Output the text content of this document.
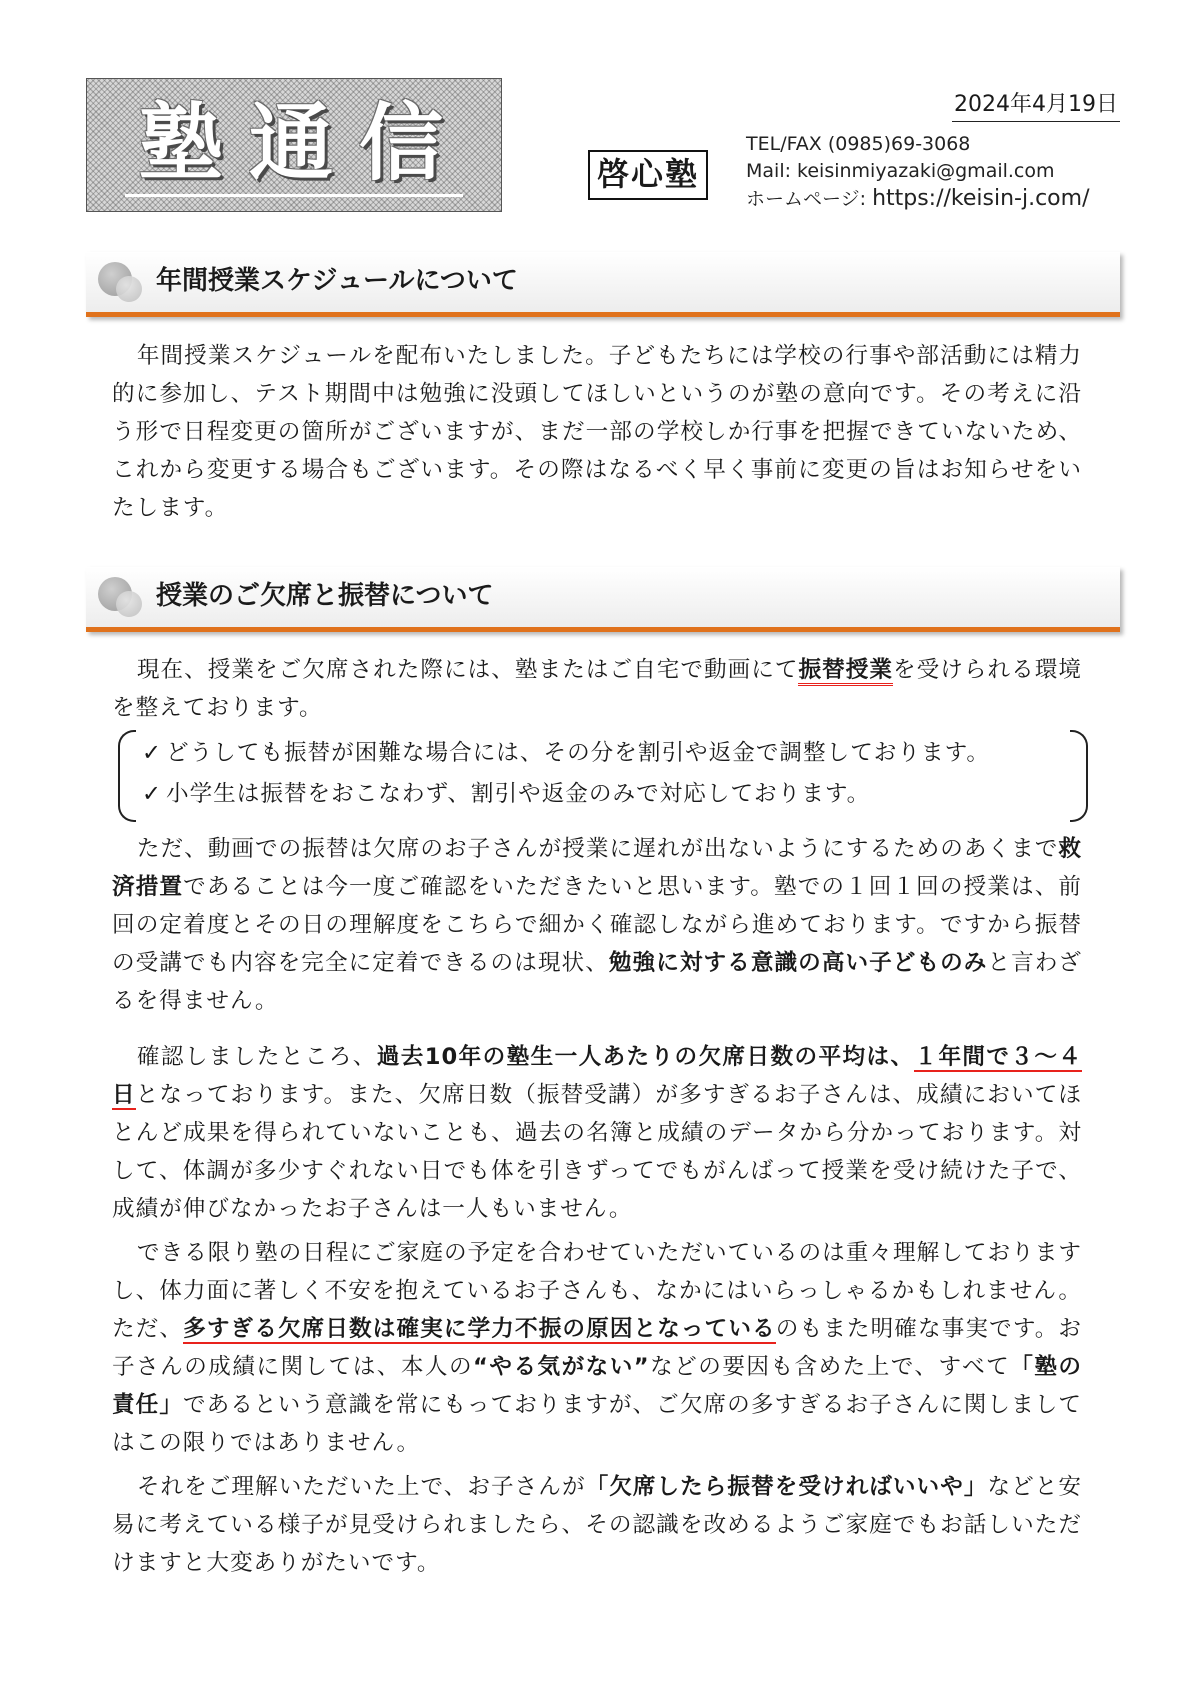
塾通信	啓心塾
2024年4月19日
TEL/FAX (0985)69-3068
Mail: keisinmiyazaki@gmail.com
ホームページ: https://keisin-j.com/
年間授業スケジュールについて
年間授業スケジュールを配布いたしました。子どもたちには学校の行事や部活動には精力的に参加し、テスト期間中は勉強に没頭してほしいというのが塾の意向です。その考えに沿う形で日程変更の箇所がございますが、まだ一部の学校しか行事を把握できていないため、これから変更する場合もございます。その際はなるべく早く事前に変更の旨はお知らせをいたします。
授業のご欠席と振替について
現在、授業をご欠席された際には、塾またはご自宅で動画にて振替授業を受けられる環境を整えております。
✓ どうしても振替が困難な場合には、その分を割引や返金で調整しております。
✓ 小学生は振替をおこなわず、割引や返金のみで対応しております。
ただ、動画での振替は欠席のお子さんが授業に遅れが出ないようにするためのあくまで救済措置であることは今一度ご確認をいただきたいと思います。塾での１回１回の授業は、前回の定着度とその日の理解度をこちらで細かく確認しながら進めております。ですから振替の受講でも内容を完全に定着できるのは現状、勉強に対する意識の高い子どものみと言わざるを得ません。
確認しましたところ、過去10年の塾生一人あたりの欠席日数の平均は、１年間で３～４日となっております。また、欠席日数（振替受講）が多すぎるお子さんは、成績においてほとんど成果を得られていないことも、過去の名簿と成績のデータから分かっております。対して、体調が多少すぐれない日でも体を引きずってでもがんばって授業を受け続けた子で、成績が伸びなかったお子さんは一人もいません。
できる限り塾の日程にご家庭の予定を合わせていただいているのは重々理解しておりますし、体力面に著しく不安を抱えているお子さんも、なかにはいらっしゃるかもしれません。ただ、多すぎる欠席日数は確実に学力不振の原因となっているのもまた明確な事実です。お子さんの成績に関しては、本人の“やる気がない”などの要因も含めた上で、すべて「塾の責任」であるという意識を常にもっておりますが、ご欠席の多すぎるお子さんに関しましてはこの限りではありません。
それをご理解いただいた上で、お子さんが「欠席したら振替を受ければいいや」などと安易に考えている様子が見受けられましたら、その認識を改めるようご家庭でもお話しいただけますと大変ありがたいです。
